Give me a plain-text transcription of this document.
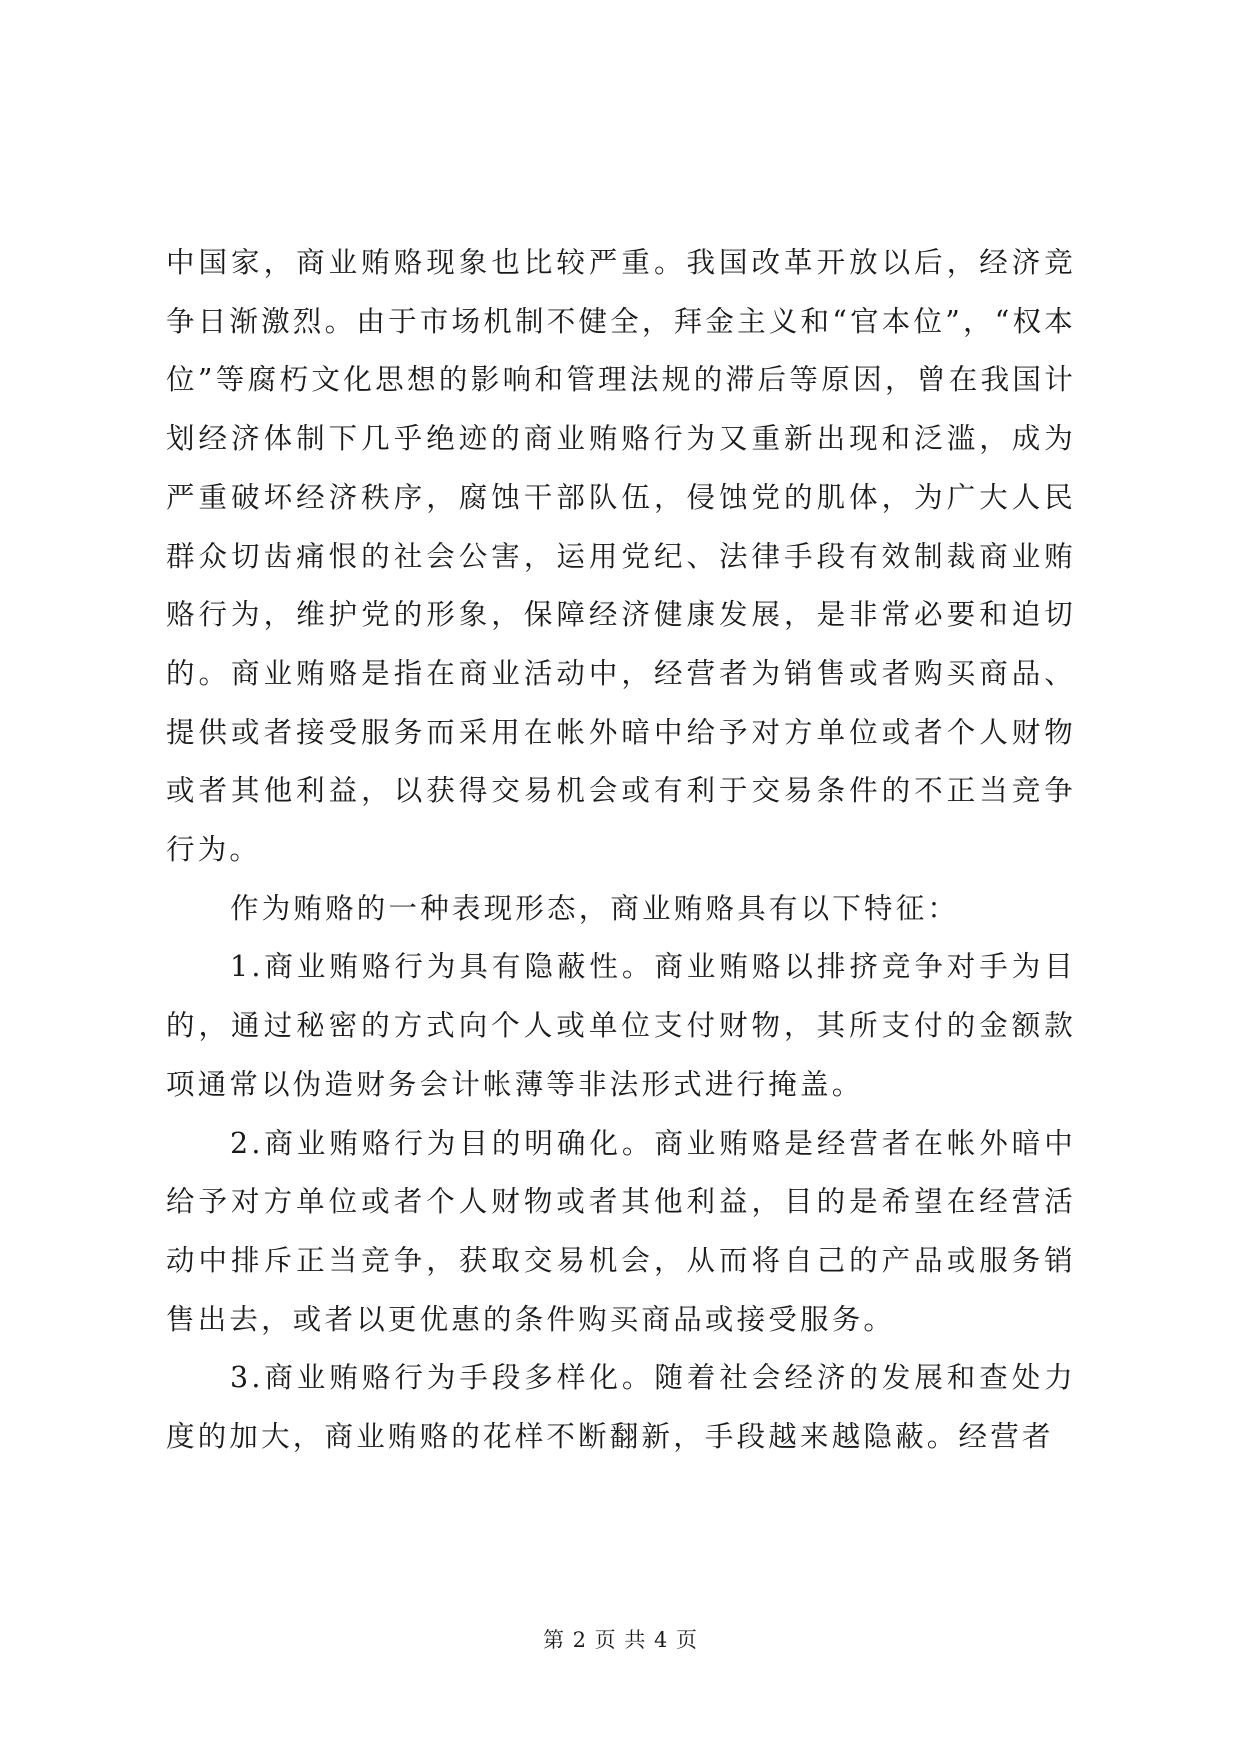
中国家，商业贿赂现象也比较严重。我国改革开放以后，经济竞争日渐激烈。由于市场机制不健全，拜金主义和“官本位”，“权本位”等腐朽文化思想的影响和管理法规的滞后等原因，曾在我国计划经济体制下几乎绝迹的商业贿赂行为又重新出现和泛滥，成为严重破坏经济秩序，腐蚀干部队伍，侵蚀党的肌体，为广大人民群众切齿痛恨的社会公害，运用党纪、法律手段有效制裁商业贿赂行为，维护党的形象，保障经济健康发展，是非常必要和迫切的。商业贿赂是指在商业活动中，经营者为销售或者购买商品、提供或者接受服务而采用在帐外暗中给予对方单位或者个人财物或者其他利益，以获得交易机会或有利于交易条件的不正当竞争行为。

作为贿赂的一种表现形态，商业贿赂具有以下特征：

1.商业贿赂行为具有隐蔽性。商业贿赂以排挤竞争对手为目的，通过秘密的方式向个人或单位支付财物，其所支付的金额款项通常以伪造财务会计帐薄等非法形式进行掩盖。

2.商业贿赂行为目的明确化。商业贿赂是经营者在帐外暗中给予对方单位或者个人财物或者其他利益，目的是希望在经营活动中排斥正当竞争，获取交易机会，从而将自己的产品或服务销售出去，或者以更优惠的条件购买商品或接受服务。

3.商业贿赂行为手段多样化。随着社会经济的发展和查处力度的加大，商业贿赂的花样不断翻新，手段越来越隐蔽。经营者

第 2 页 共 4 页
